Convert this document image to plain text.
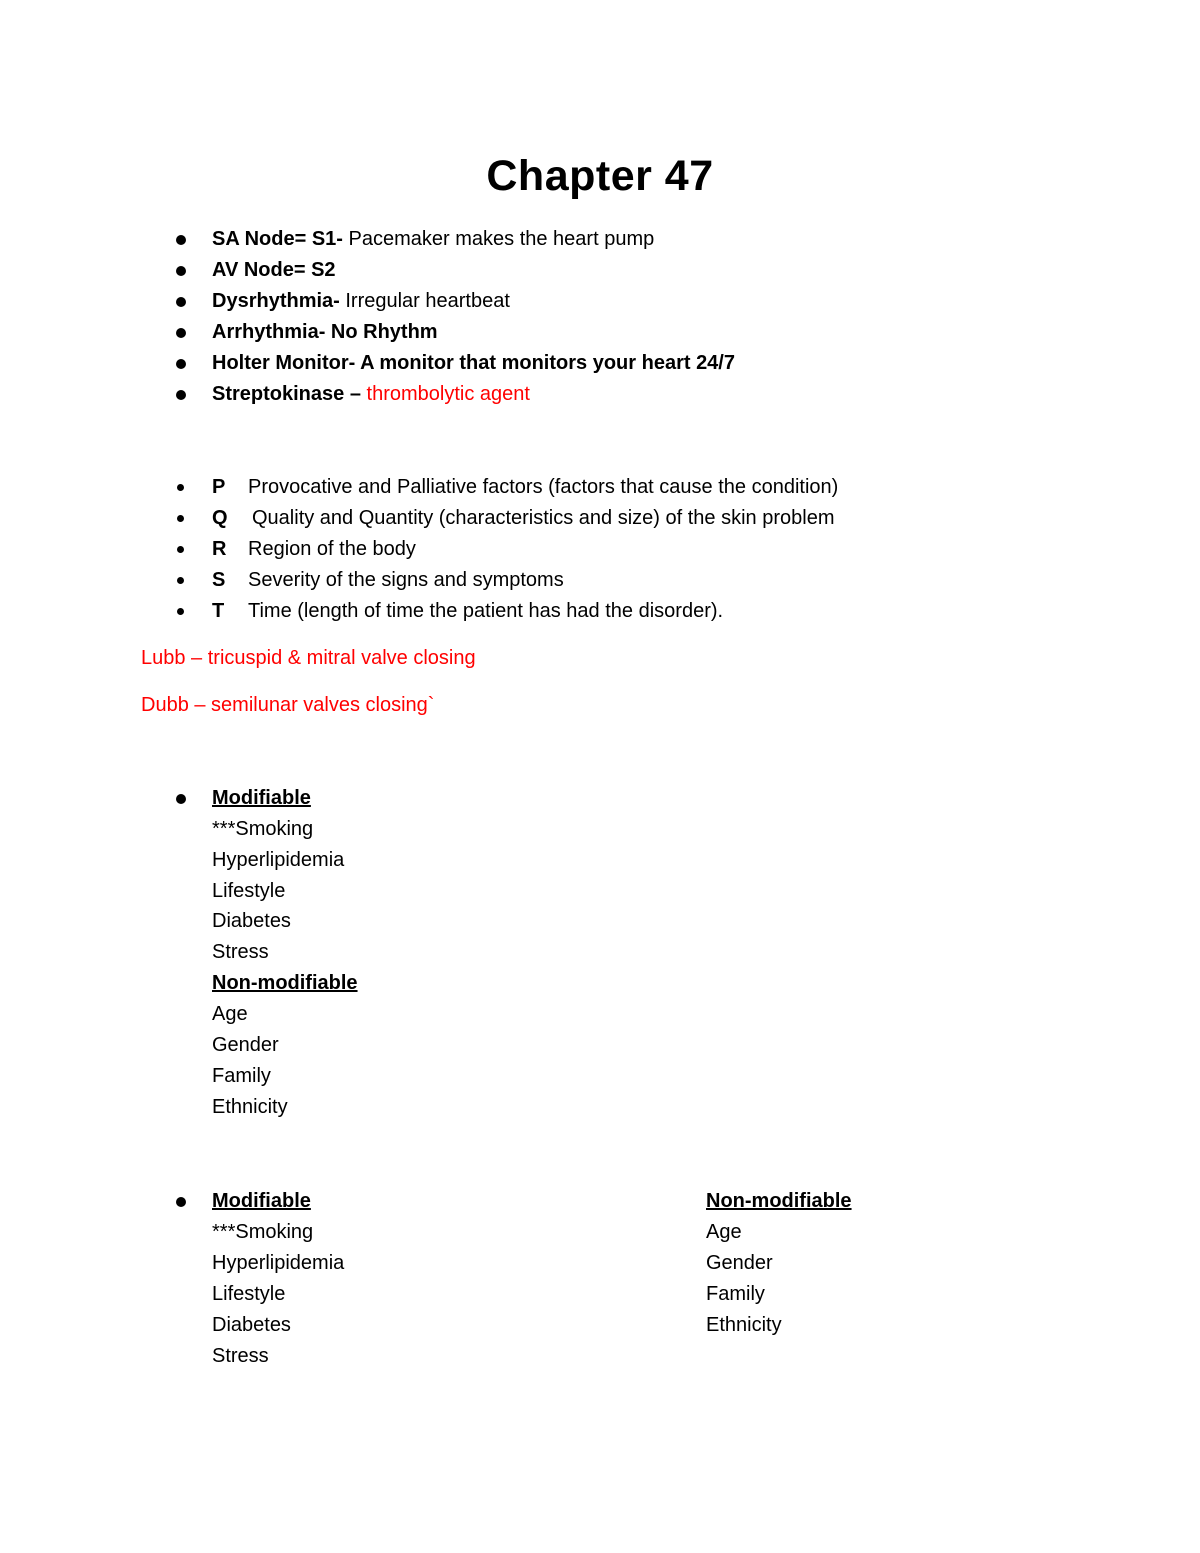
Chapter 47
SA Node= S1- Pacemaker makes the heart pump
AV Node= S2
Dysrhythmia- Irregular heartbeat
Arrhythmia- No Rhythm
Holter Monitor- A monitor that monitors your heart 24/7
Streptokinase – thrombolytic agent
P Provocative and Palliative factors (factors that cause the condition)
Q Quality and Quantity (characteristics and size) of the skin problem
R Region of the body
S Severity of the signs and symptoms
T Time (length of time the patient has had the disorder).
Lubb – tricuspid & mitral valve closing
Dubb – semilunar valves closing`
Modifiable
***Smoking
Hyperlipidemia
Lifestyle
Diabetes
Stress
Non-modifiable
Age
Gender
Family
Ethnicity
Modifiable
***Smoking
Hyperlipidemia
Lifestyle
Diabetes
Stress
Non-modifiable
Age
Gender
Family
Ethnicity
